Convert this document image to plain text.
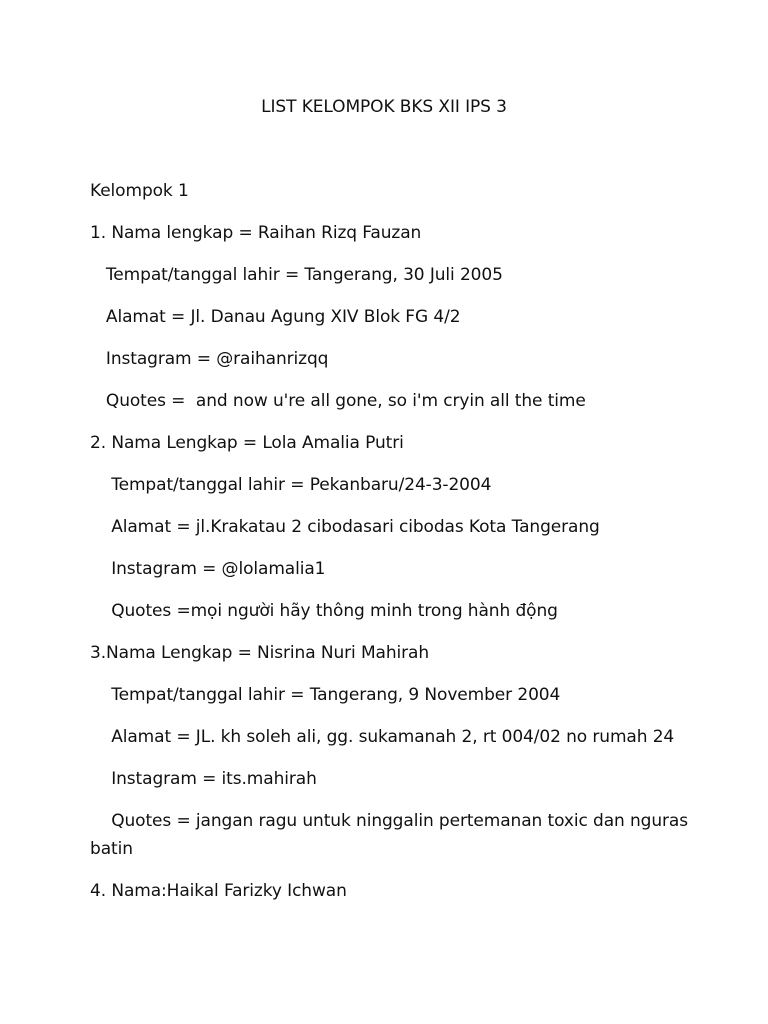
LIST KELOMPOK BKS XII IPS 3
Kelompok 1
1. Nama lengkap = Raihan Rizq Fauzan
Tempat/tanggal lahir = Tangerang, 30 Juli 2005
Alamat = Jl. Danau Agung XIV Blok FG 4/2
Instagram = @raihanrizqq
Quotes =  and now u're all gone, so i'm cryin all the time
2. Nama Lengkap = Lola Amalia Putri
Tempat/tanggal lahir = Pekanbaru/24-3-2004
Alamat = jl.Krakatau 2 cibodasari cibodas Kota Tangerang
Instagram = @lolamalia1
Quotes =mọi người hãy thông minh trong hành động
3.Nama Lengkap = Nisrina Nuri Mahirah
Tempat/tanggal lahir = Tangerang, 9 November 2004
Alamat = JL. kh soleh ali, gg. sukamanah 2, rt 004/02 no rumah 24
Instagram = its.mahirah
Quotes = jangan ragu untuk ninggalin pertemanan toxic dan nguras
batin
4. Nama:Haikal Farizky Ichwan
